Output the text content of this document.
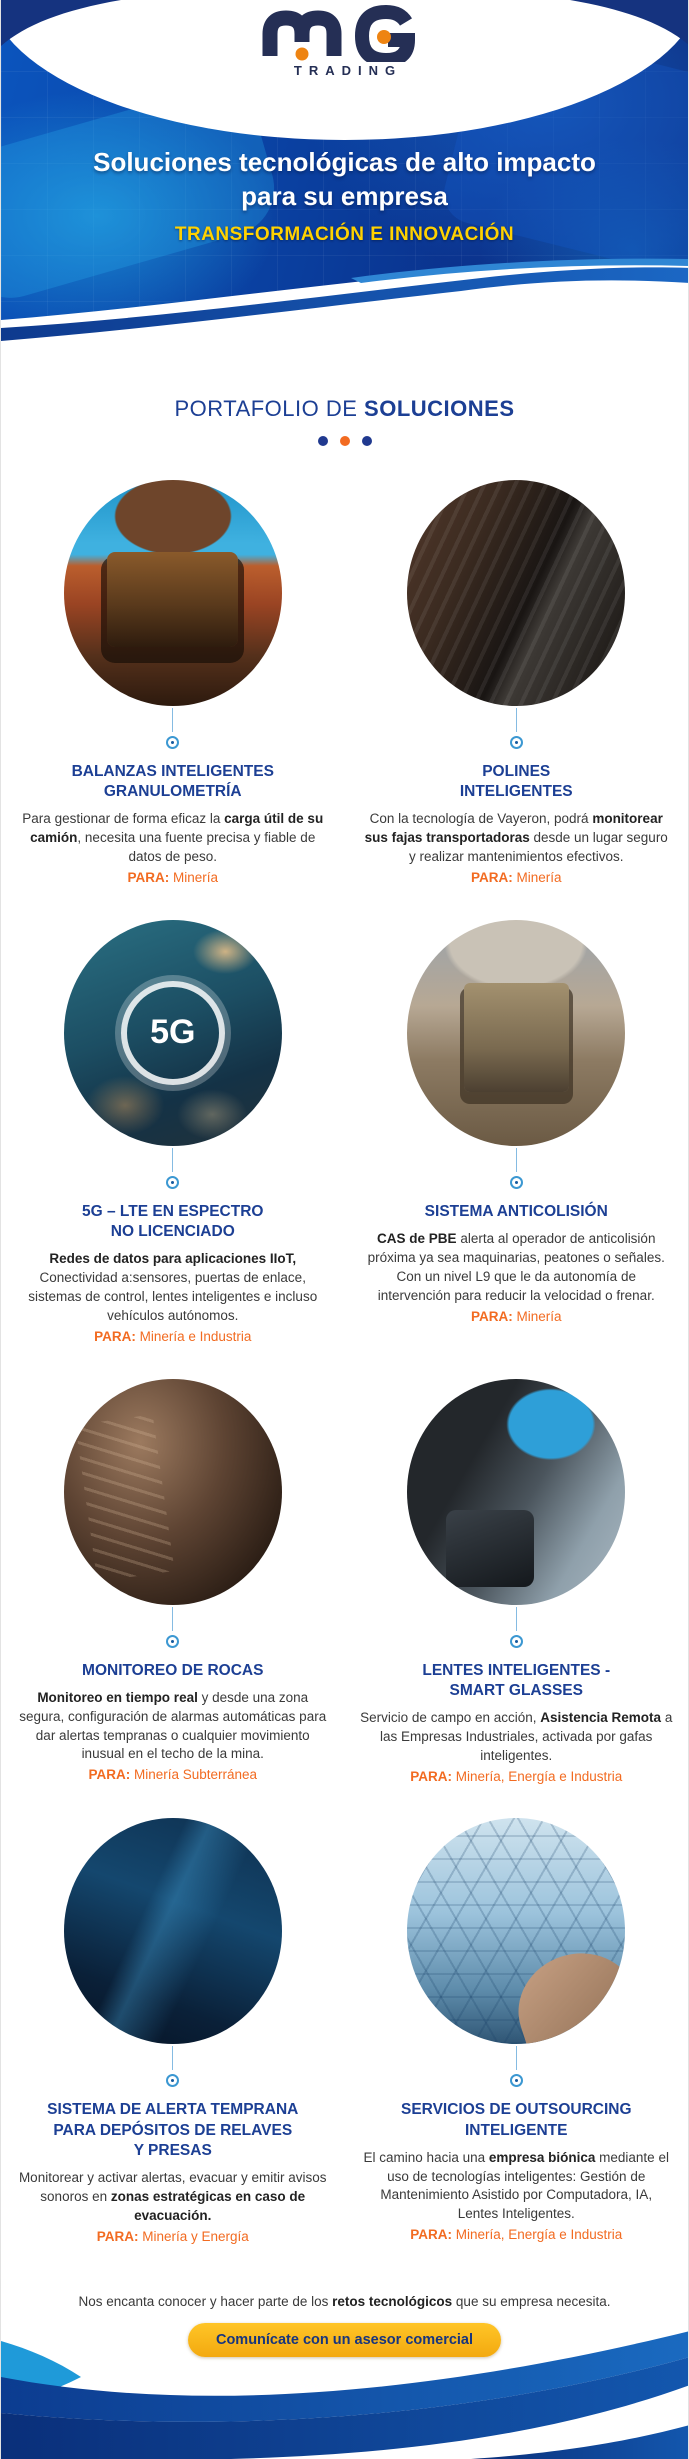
TRADING
Soluciones tecnológicas de alto impacto
para su empresa
TRANSFORMACIÓN E INNOVACIÓN
PORTAFOLIO DE SOLUCIONES
BALANZAS INTELIGENTES
GRANULOMETRÍA

Para gestionar de forma eficaz la carga útil de su camión, necesita una fuente precisa y fiable de datos de peso.

PARA: Minería

POLINES
INTELIGENTES

Con la tecnología de Vayeron, podrá monitorear sus fajas transportadoras desde un lugar seguro y realizar mantenimientos efectivos.

PARA: Minería

5G
5G – LTE EN ESPECTRO
NO LICENCIADO

Redes de datos para aplicaciones IIoT, Conectividad a:sensores, puertas de enlace, sistemas de control, lentes inteligentes e incluso vehículos autónomos.

PARA: Minería e Industria

SISTEMA ANTICOLISIÓN

CAS de PBE alerta al operador de anticolisión próxima ya sea maquinarias, peatones o señales. Con un nivel L9 que le da autonomía de intervención para reducir la velocidad o frenar.

PARA: Minería

MONITOREO DE ROCAS

Monitoreo en tiempo real y desde una zona segura, configuración de alarmas automáticas para dar alertas tempranas o cualquier movimiento inusual en el techo de la mina.

PARA: Minería Subterránea

LENTES INTELIGENTES -
SMART GLASSES

Servicio de campo en acción, Asistencia Remota a las Empresas Industriales, activada por gafas inteligentes.

PARA: Minería, Energía e Industria

SISTEMA DE ALERTA TEMPRANA
PARA DEPÓSITOS DE RELAVES
Y PRESAS

Monitorear y activar alertas, evacuar y emitir avisos sonoros en zonas estratégicas en caso de evacuación.

PARA: Minería y Energía

SERVICIOS DE OUTSOURCING
INTELIGENTE

El camino hacia una empresa biónica mediante el uso de tecnologías inteligentes: Gestión de Mantenimiento Asistido por Computadora, IA, Lentes Inteligentes.

PARA: Minería, Energía e Industria

Nos encanta conocer y hacer parte de los retos tecnológicos que su empresa necesita.

Comunícate con un asesor comercial
